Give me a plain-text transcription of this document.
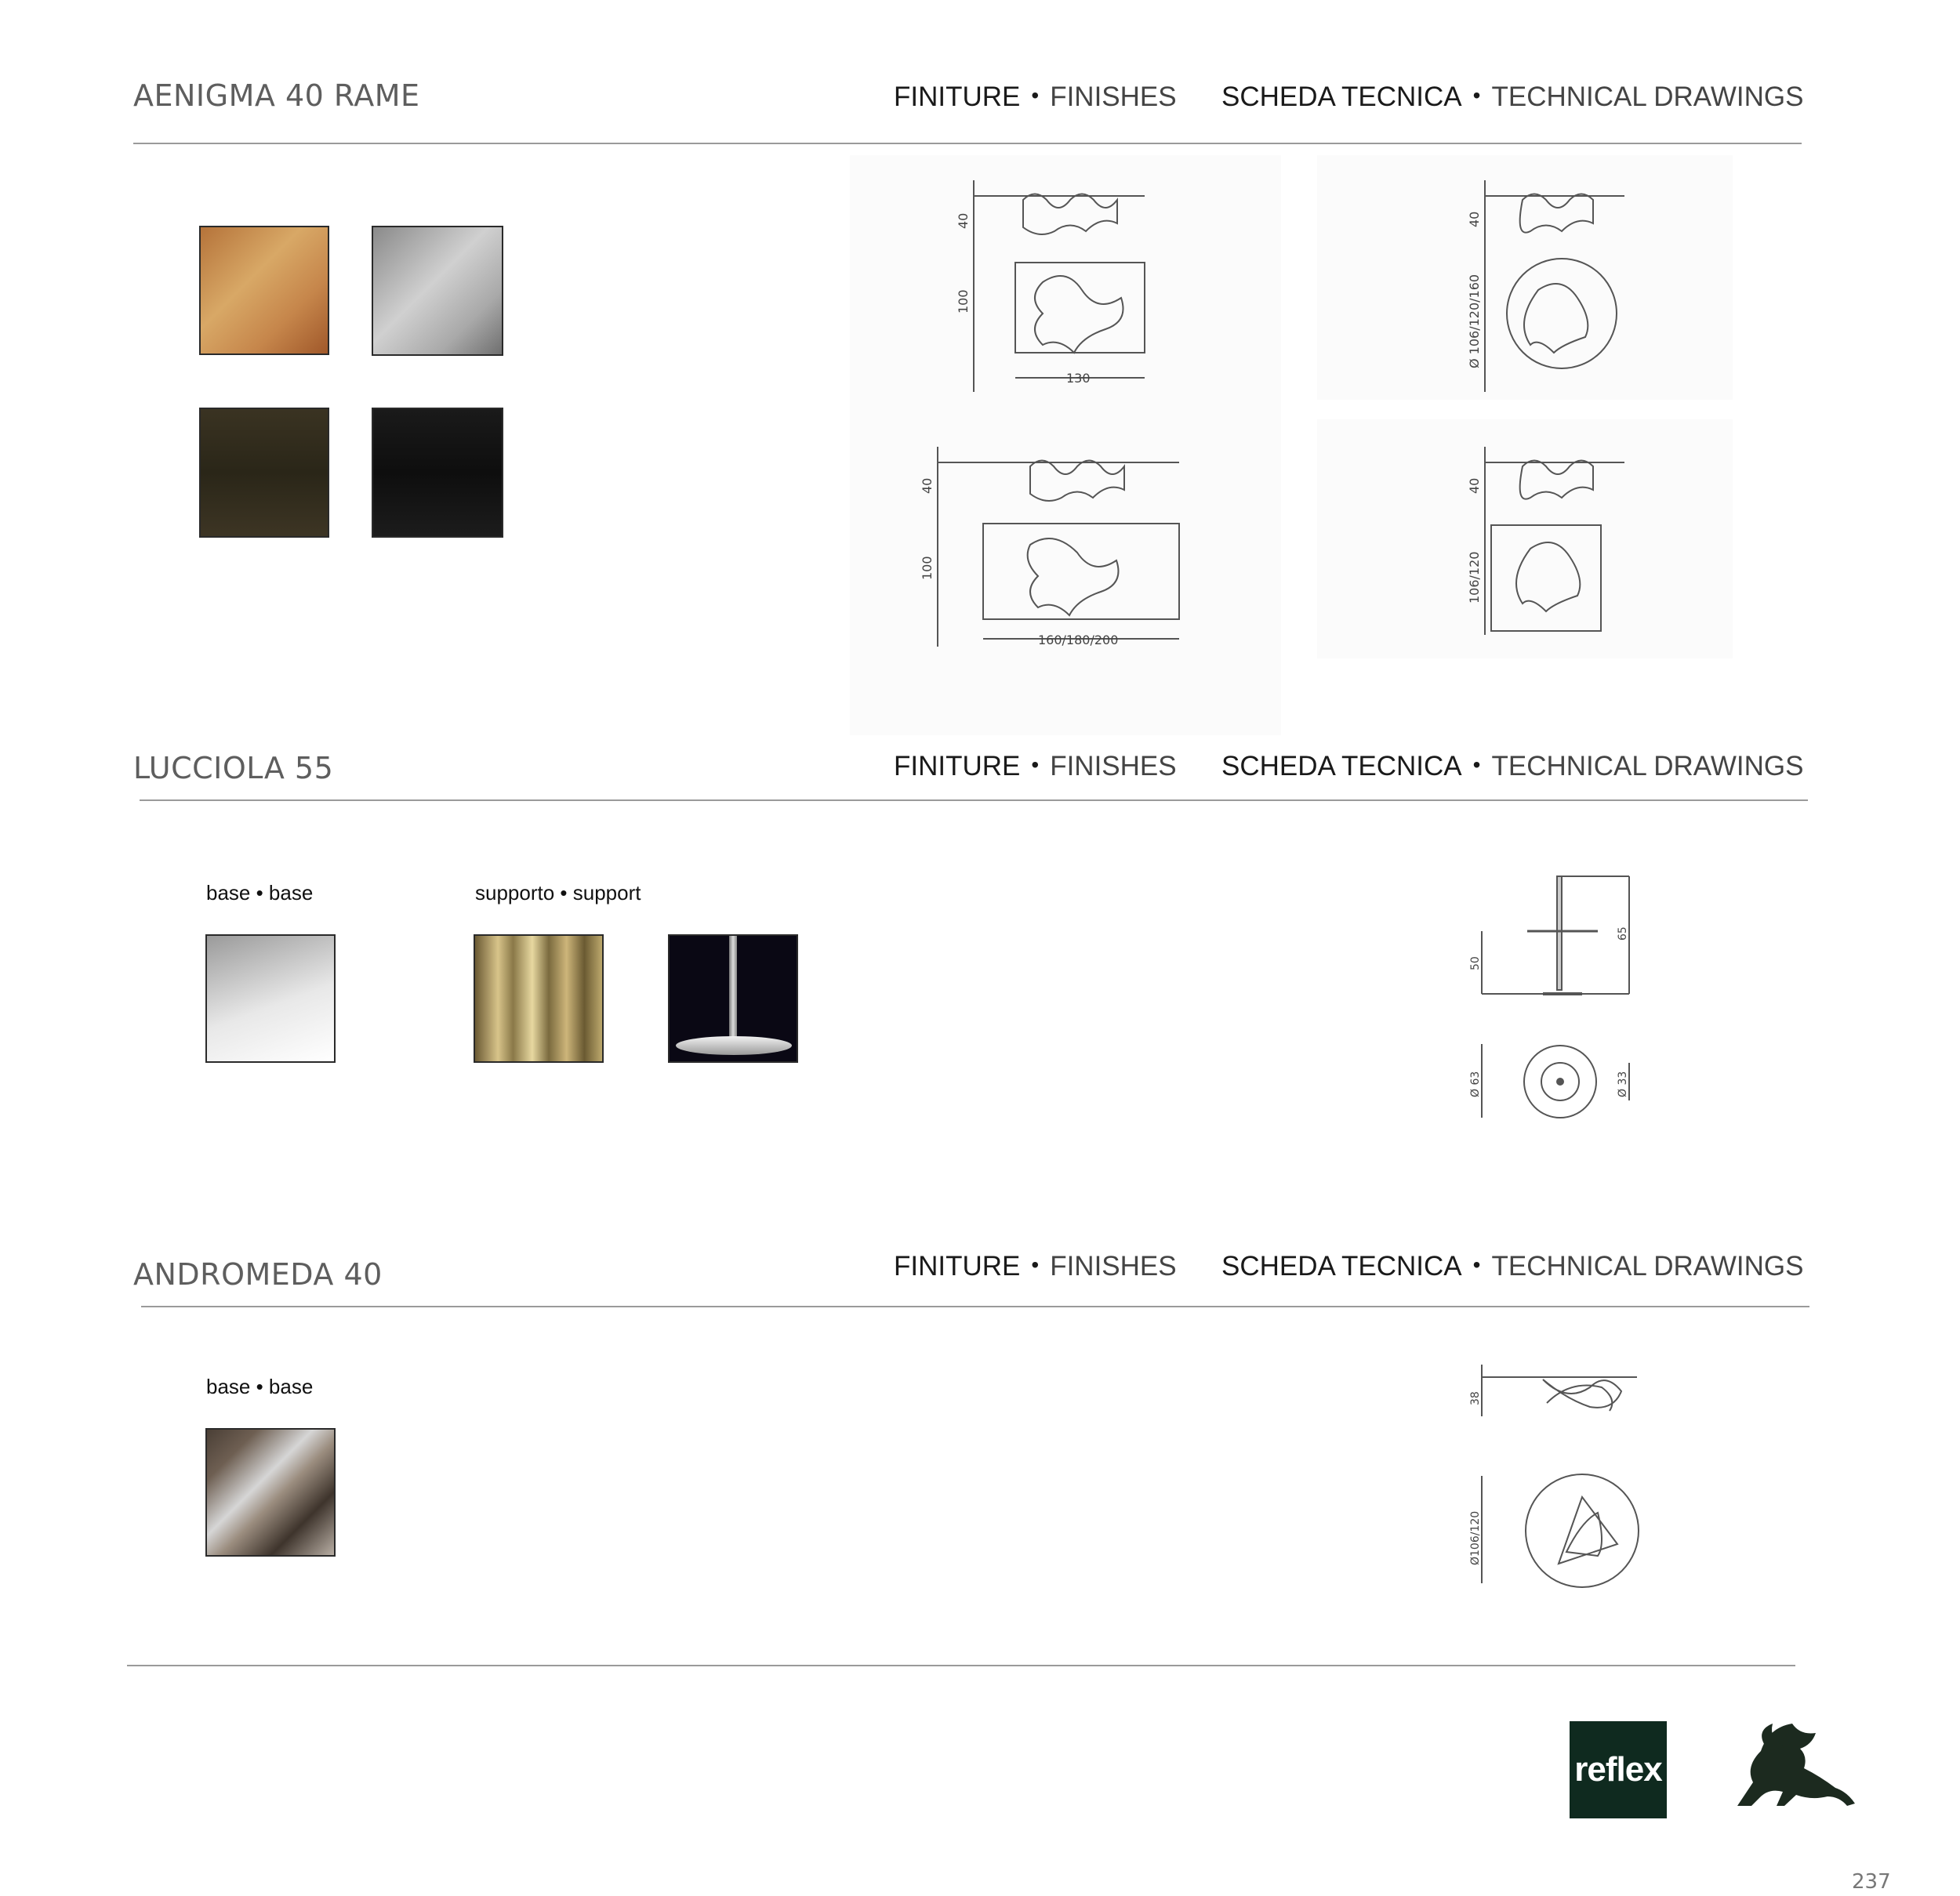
AENIGMA 40 RAME	FINITURE • FINISHES SCHEDA TECNICA • TECHNICAL DRAWINGS
40
100
130
40
Ø 106/120/160
40
100
160/180/200
40
106/120
LUCCIOLA 55	FINITURE • FINISHES SCHEDA TECNICA • TECHNICAL DRAWINGS
base • base	supporto • support
50
65
Ø 63	Ø 33
ANDROMEDA 40	FINITURE • FINISHES SCHEDA TECNICA • TECHNICAL DRAWINGS
base • base
38
Ø106/120
reflex
237
